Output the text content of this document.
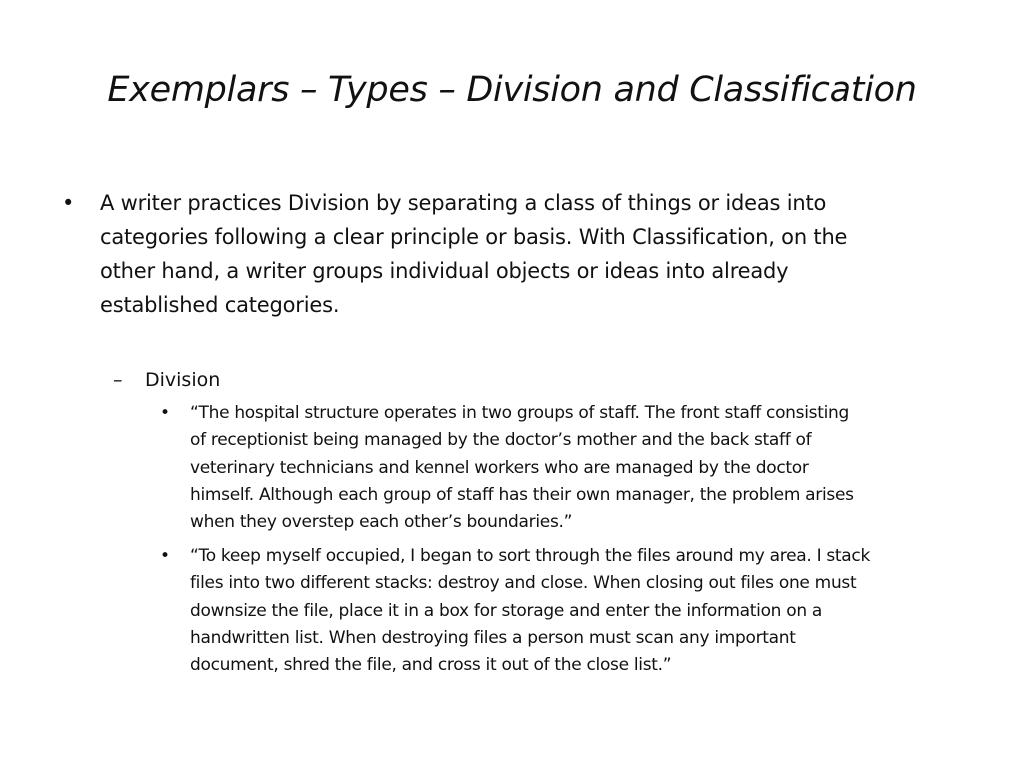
Exemplars – Types – Division and Classification
• A writer practices Division by separating a class of things or ideas into
categories following a clear principle or basis. With Classification, on the
other hand, a writer groups individual objects or ideas into already
established categories.
– Division
• “The hospital structure operates in two groups of staff. The front staff consisting
of receptionist being managed by the doctor’s mother and the back staff of
veterinary technicians and kennel workers who are managed by the doctor
himself. Although each group of staff has their own manager, the problem arises
when they overstep each other’s boundaries.”
• “To keep myself occupied, I began to sort through the files around my area. I stack
files into two different stacks: destroy and close. When closing out files one must
downsize the file, place it in a box for storage and enter the information on a
handwritten list. When destroying files a person must scan any important
document, shred the file, and cross it out of the close list.”
